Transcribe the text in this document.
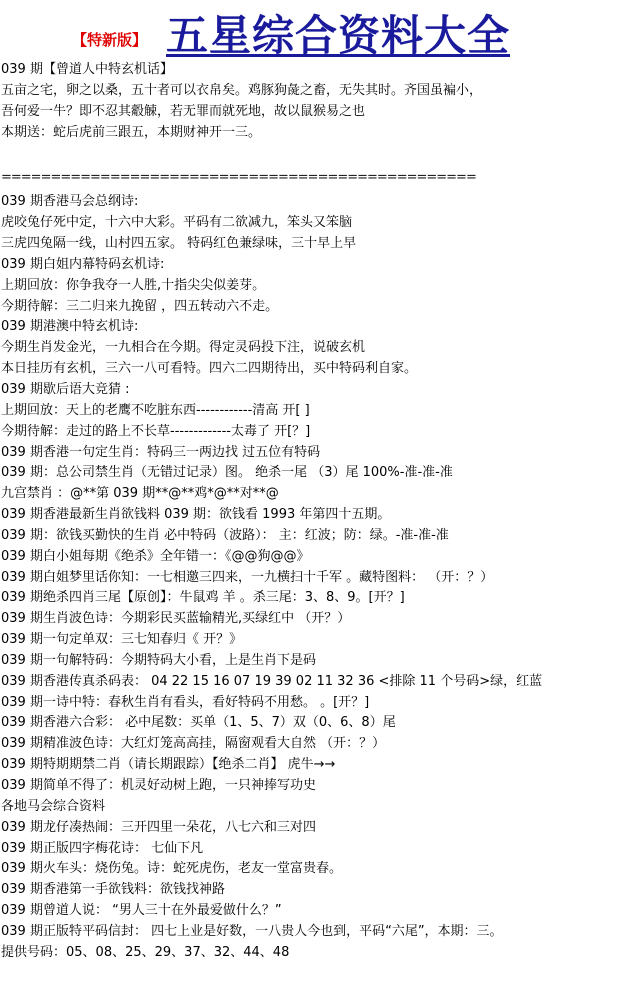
【特新版】 五星综合资料大全
039 期【曾道人中特玄机话】
五亩之宅，卵之以桑，五十者可以衣帛矣。鸡豚狗彘之畜，无失其时。齐国虽褊小，
吾何爱一牛？即不忍其觳觫，若无罪而就死地，故以鼠猴易之也
本期送：蛇后虎前三跟五，本期财神开一三。
================================================
039 期香港马会总纲诗:
虎咬兔仔死中定，十六中大彩。平码有二欲减九，笨头又笨脑
三虎四兔隔一线，山村四五家。 特码红色兼绿味，三十早上早
039 期白姐内幕特码玄机诗:
上期回放：你争我夺一人胜,十指尖尖似姜芽。
今期待解：三二归来九挽留 ，四五转动六不走。
039 期港澳中特玄机诗:
今期生肖发金光，一九相合在今期。得定灵码投下注，说破玄机
本日挂历有玄机，三六一八可看特。四六二四期待出，买中特码利自家。
039 期歇后语大竞猜 :
上期回放：天上的老鹰不吃脏东西------------清高 开[ ]
今期待解：走过的路上不长草-------------太毒了 开[？]
039 期香港一句定生肖：特码三一两边找 过五位有特码
039 期：总公司禁生肖（无错过记录）图。 绝杀一尾 （3）尾 100%-准-准-准
九宫禁肖 ：@**第 039 期**@**鸡*@**对**@
039 期香港最新生肖欲钱料 039 期：欲钱看 1993 年第四十五期。
039 期：欲钱买勤快的生肖 必中特码（波路）： 主：红波；防：绿。-准-准-准
039 期白小姐每期《绝杀》全年错一：《@@狗@@》
039 期白姐梦里话你知：一七相邀三四来，一九横扫十千军 。藏特图料： （开：？）
039 期绝杀四肖三尾【原创】：牛鼠鸡 羊 。杀三尾：3、8、9。[开？]
039 期生肖波色诗：今期彩民买蓝输精光,买绿红中 （开？）
039 期一句定单双：三七知春归《 开？》
039 期一句解特码：今期特码大小看，上是生肖下是码
039 期香港传真杀码表： 04 22 15 16 07 19 39 02 11 32 36 <排除 11 个号码>绿，红蓝
039 期一诗中特：春秋生肖有看头，看好特码不用愁。 。[开？]
039 期香港六合彩： 必中尾数：买单（1、5、7）双（0、6、8）尾
039 期精准波色诗：大红灯笼高高挂，隔窗观看大自然 （开：？）
039 期特期期禁二肖（请长期跟踪）【绝杀二肖】 虎牛→→
039 期简单不得了：机灵好动树上跑，一只神捧写功史
各地马会综合资料
039 期龙仔凑热闹：三开四里一朵花，八七六和三对四
039 期正版四字梅花诗： 七仙下凡
039 期火车头：烧伤兔。诗：蛇死虎伤，老友一堂富贵春。
039 期香港第一手欲钱料：欲钱找神路
039 期曾道人说： “男人三十在外最爱做什么？”
039 期正版特平码信封： 四七上业是好数，一八贵人今也到，平码“六尾”，本期：三。
提供号码：05、08、25、29、37、32、44、48
